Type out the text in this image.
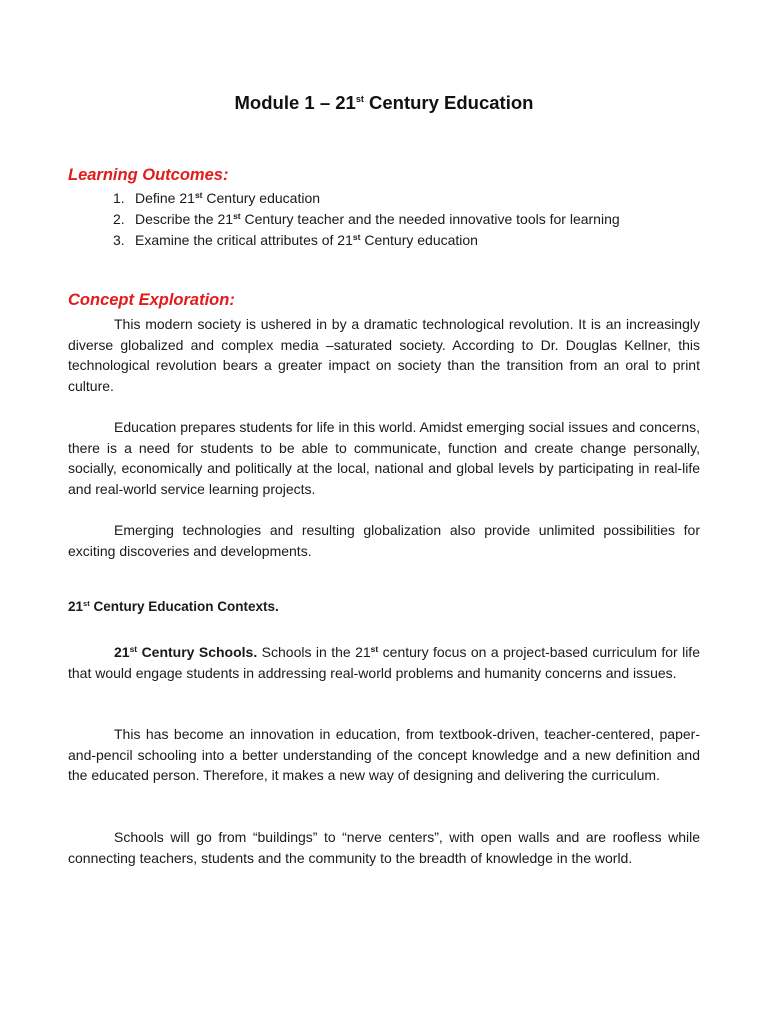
Module 1 – 21st Century Education
Learning Outcomes:
1. Define 21st Century education
2. Describe the 21st Century teacher and the needed innovative tools for learning
3. Examine the critical attributes of 21st Century education
Concept Exploration:

This modern society is ushered in by a dramatic technological revolution. It is an increasingly diverse globalized and complex media –saturated society. According to Dr. Douglas Kellner, this technological revolution bears a greater impact on society than the transition from an oral to print culture.

Education prepares students for life in this world. Amidst emerging social issues and concerns, there is a need for students to be able to communicate, function and create change personally, socially, economically and politically at the local, national and global levels by participating in real-life and real-world service learning projects.

Emerging technologies and resulting globalization also provide unlimited possibilities for exciting discoveries and developments.

21st Century Education Contexts.

21st Century Schools. Schools in the 21st century focus on a project-based curriculum for life that would engage students in addressing real-world problems and humanity concerns and issues.

This has become an innovation in education, from textbook-driven, teacher-centered, paper-and-pencil schooling into a better understanding of the concept knowledge and a new definition and the educated person. Therefore, it makes a new way of designing and delivering the curriculum.

Schools will go from “buildings” to “nerve centers”, with open walls and are roofless while connecting teachers, students and the community to the breadth of knowledge in the world.
